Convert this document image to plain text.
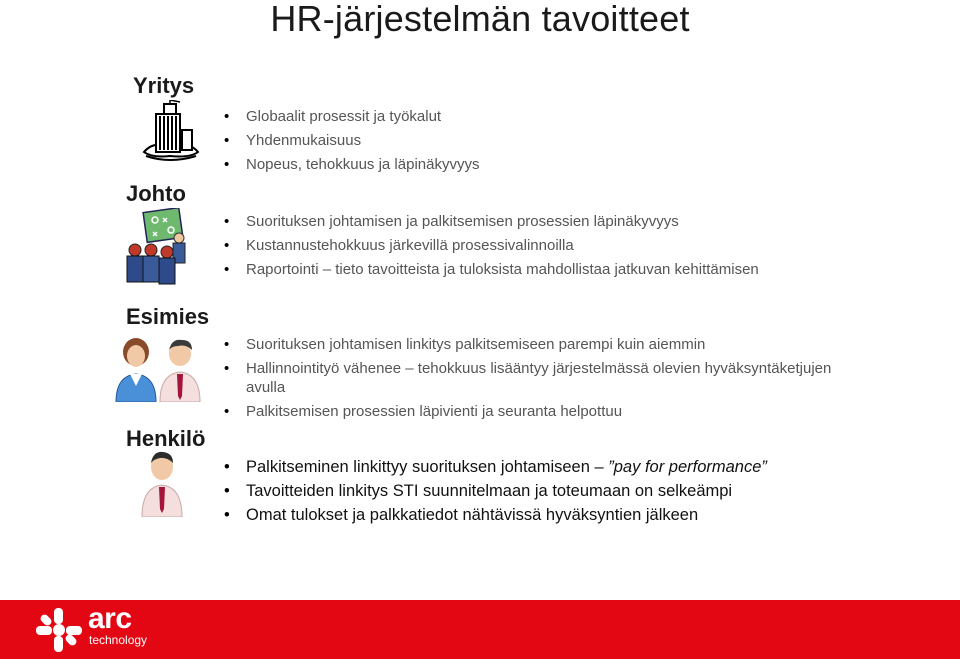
HR-järjestelmän tavoitteet
Yritys
Johto
Esimies
Henkilö
• Globaalit prosessit ja työkalut
• Yhdenmukaisuus
• Nopeus, tehokkuus ja läpinäkyvyys
• Suorituksen johtamisen ja palkitsemisen prosessien läpinäkyvyys
• Kustannustehokkuus järkevillä prosessivalinnoilla
• Raportointi – tieto tavoitteista ja tuloksista mahdollistaa jatkuvan kehittämisen
• Suorituksen johtamisen linkitys palkitsemiseen parempi kuin aiemmin
• Hallinnointityö vähenee – tehokkuus lisääntyy järjestelmässä olevien hyväksyntäketjujen avulla
• Palkitsemisen prosessien läpivienti ja seuranta helpottuu
• Palkitseminen linkittyy suorituksen johtamiseen – ”pay for performance”
• Tavoitteiden linkitys STI suunnitelmaan ja toteumaan on selkeämpi
• Omat tulokset ja palkkatiedot nähtävissä hyväksyntien jälkeen
arc
technology
